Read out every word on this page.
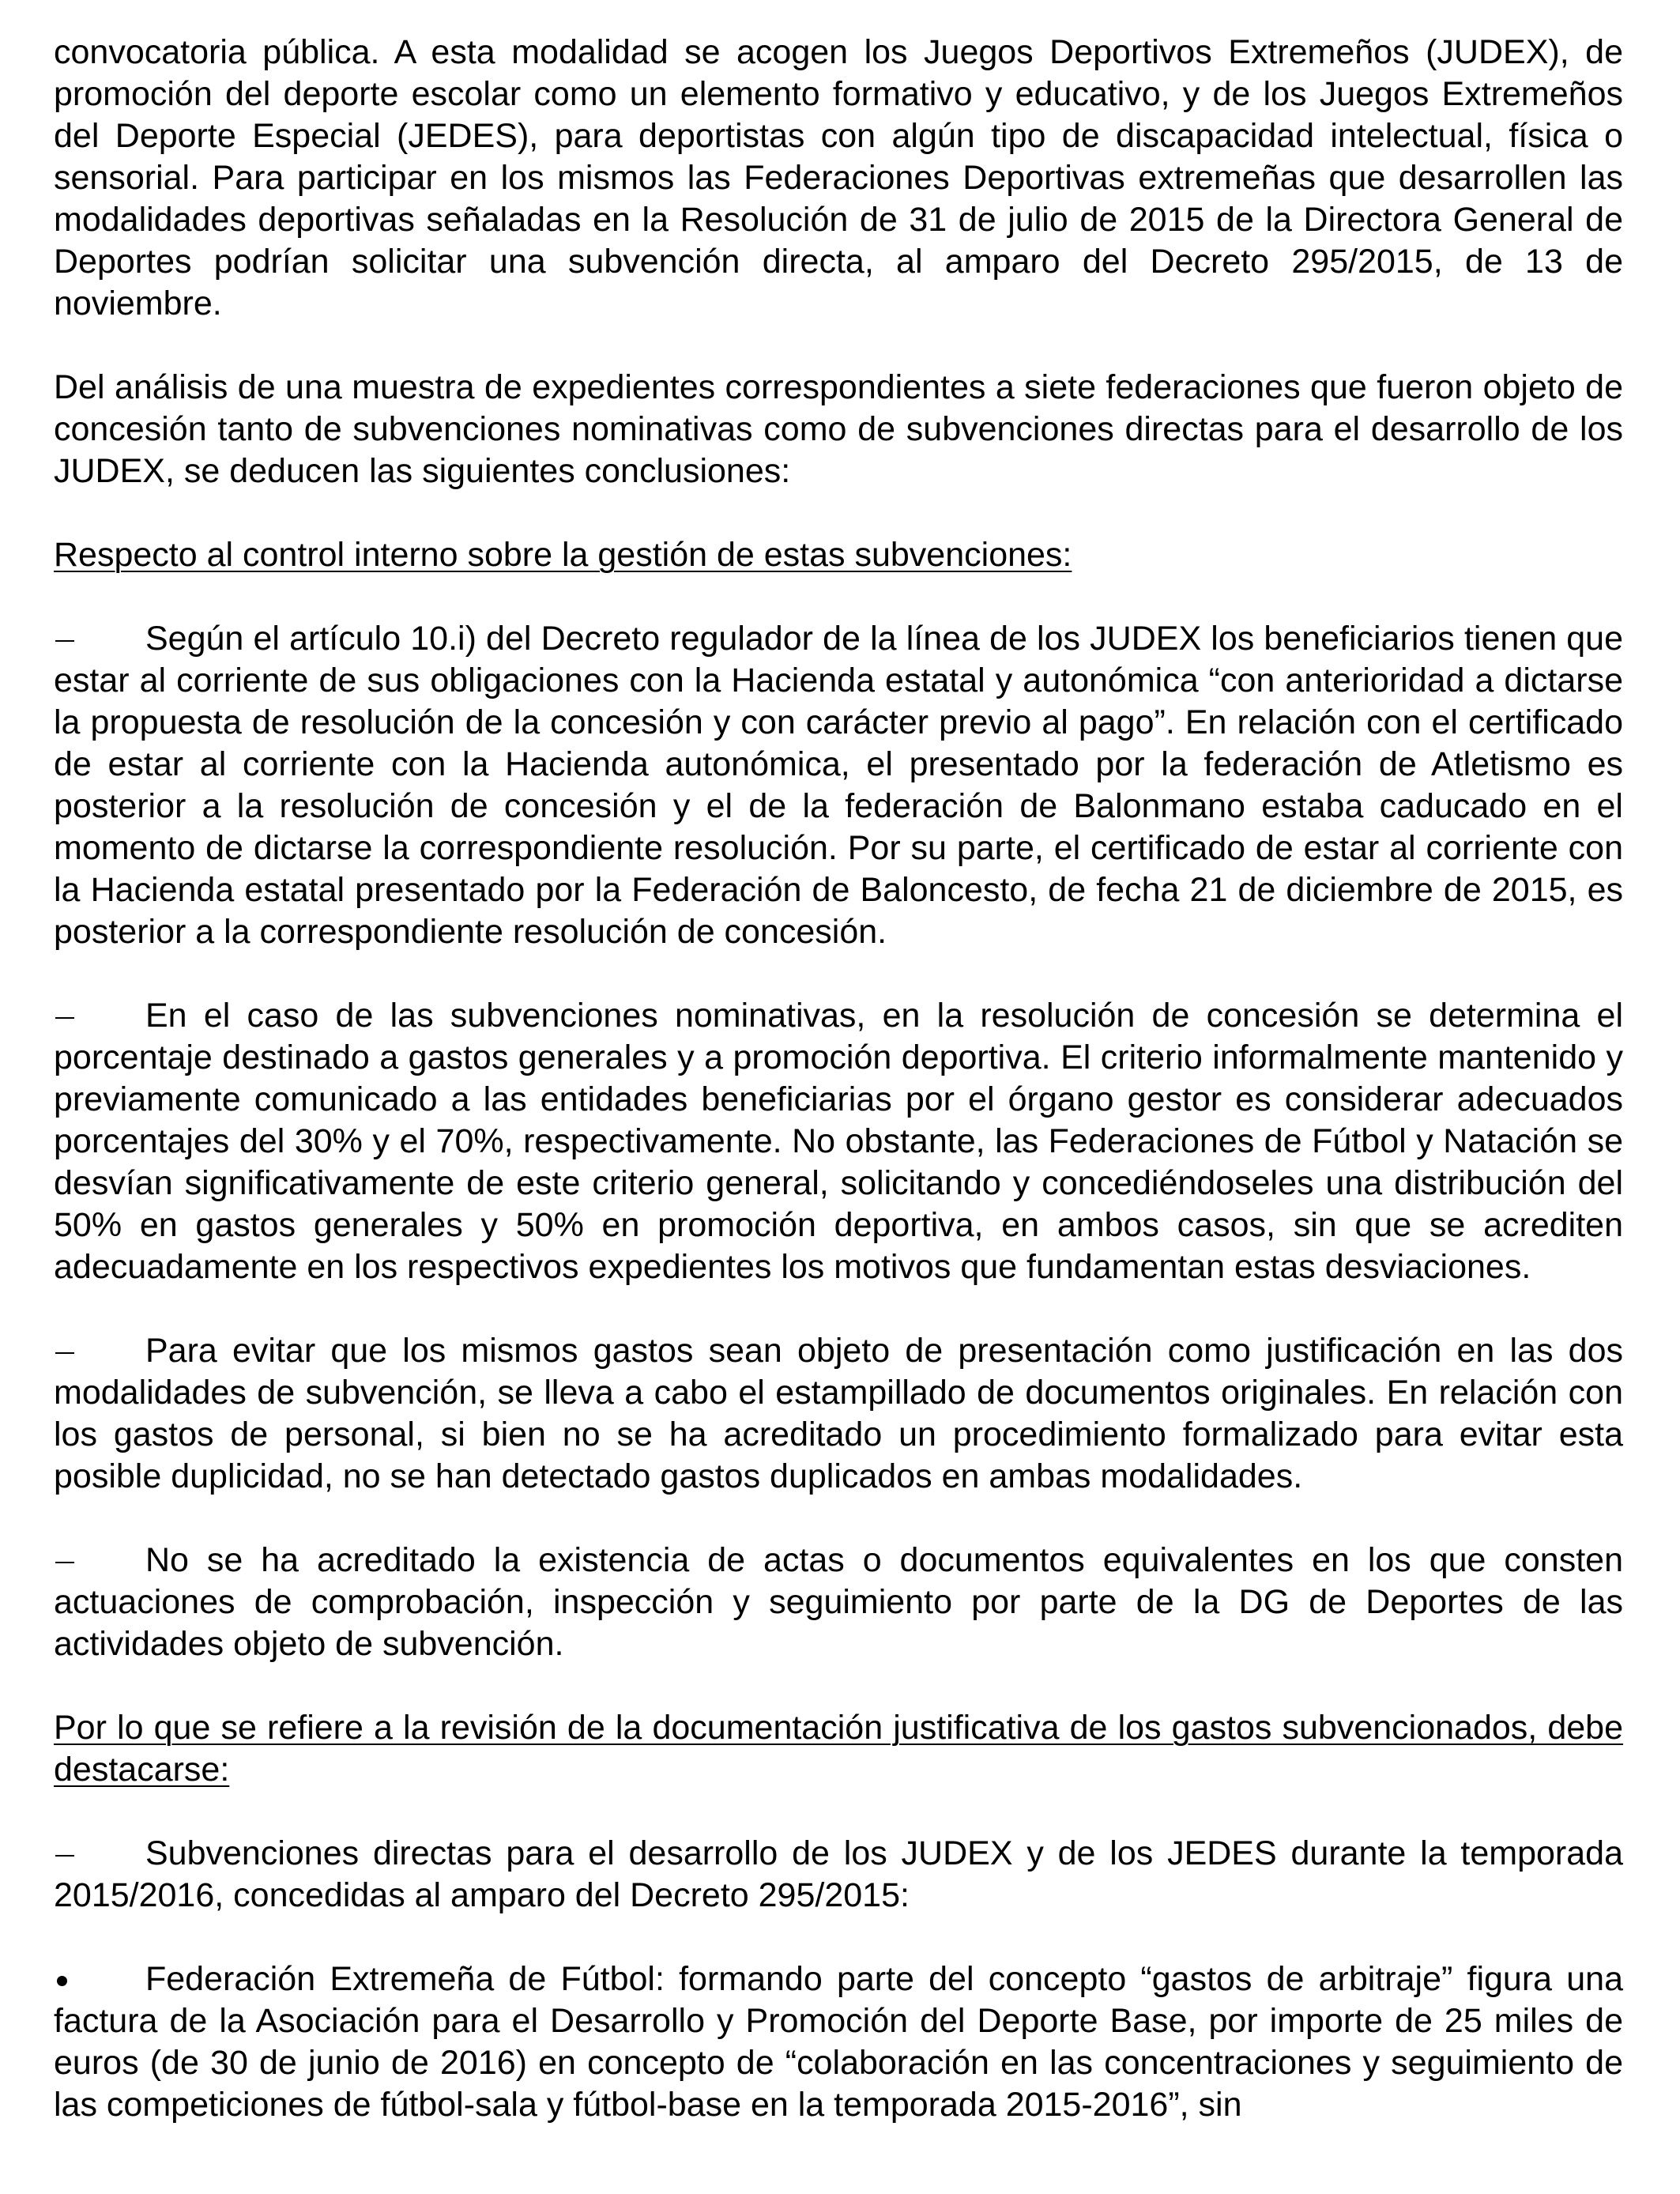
convocatoria pública. A esta modalidad se acogen los Juegos Deportivos Extremeños (JUDEX), de promoción del deporte escolar como un elemento formativo y educativo, y de los Juegos Extremeños del Deporte Especial (JEDES), para deportistas con algún tipo de discapacidad intelectual, física o sensorial. Para participar en los mismos las Federaciones Deportivas extremeñas que desarrollen las modalidades deportivas señaladas en la Resolución de 31 de julio de 2015 de la Directora General de Deportes podrían solicitar una subvención directa, al amparo del Decreto 295/2015, de 13 de noviembre.

Del análisis de una muestra de expedientes correspondientes a siete federaciones que fueron objeto de concesión tanto de subvenciones nominativas como de subvenciones directas para el desarrollo de los JUDEX, se deducen las siguientes conclusiones:

Respecto al control interno sobre la gestión de estas subvenciones:

Según el artículo 10.i) del Decreto regulador de la línea de los JUDEX los beneficiarios tienen que estar al corriente de sus obligaciones con la Hacienda estatal y autonómica “con anterioridad a dictarse la propuesta de resolución de la concesión y con carácter previo al pago”. En relación con el certificado de estar al corriente con la Hacienda autonómica, el presentado por la federación de Atletismo es posterior a la resolución de concesión y el de la federación de Balonmano estaba caducado en el momento de dictarse la correspondiente resolución. Por su parte, el certificado de estar al corriente con la Hacienda estatal presentado por la Federación de Baloncesto, de fecha 21 de diciembre de 2015, es posterior a la correspondiente resolución de concesión.

En el caso de las subvenciones nominativas, en la resolución de concesión se determina el porcentaje destinado a gastos generales y a promoción deportiva. El criterio informalmente mantenido y previamente comunicado a las entidades beneficiarias por el órgano gestor es considerar adecuados porcentajes del 30% y el 70%, respectivamente. No obstante, las Federaciones de Fútbol y Natación se desvían significativamente de este criterio general, solicitando y concediéndoseles una distribución del 50% en gastos generales y 50% en promoción deportiva, en ambos casos, sin que se acrediten adecuadamente en los respectivos expedientes los motivos que fundamentan estas desviaciones.

Para evitar que los mismos gastos sean objeto de presentación como justificación en las dos modalidades de subvención, se lleva a cabo el estampillado de documentos originales. En relación con los gastos de personal, si bien no se ha acreditado un procedimiento formalizado para evitar esta posible duplicidad, no se han detectado gastos duplicados en ambas modalidades.

No se ha acreditado la existencia de actas o documentos equivalentes en los que consten actuaciones de comprobación, inspección y seguimiento por parte de la DG de Deportes de las actividades objeto de subvención.

Por lo que se refiere a la revisión de la documentación justificativa de los gastos subvencionados, debe destacarse:

Subvenciones directas para el desarrollo de los JUDEX y de los JEDES durante la temporada 2015/2016, concedidas al amparo del Decreto 295/2015:

Federación Extremeña de Fútbol: formando parte del concepto “gastos de arbitraje” figura una factura de la Asociación para el Desarrollo y Promoción del Deporte Base, por importe de 25 miles de euros (de 30 de junio de 2016) en concepto de “colaboración en las concentraciones y seguimiento de las competiciones de fútbol-sala y fútbol-base en la temporada 2015-2016”, sin
